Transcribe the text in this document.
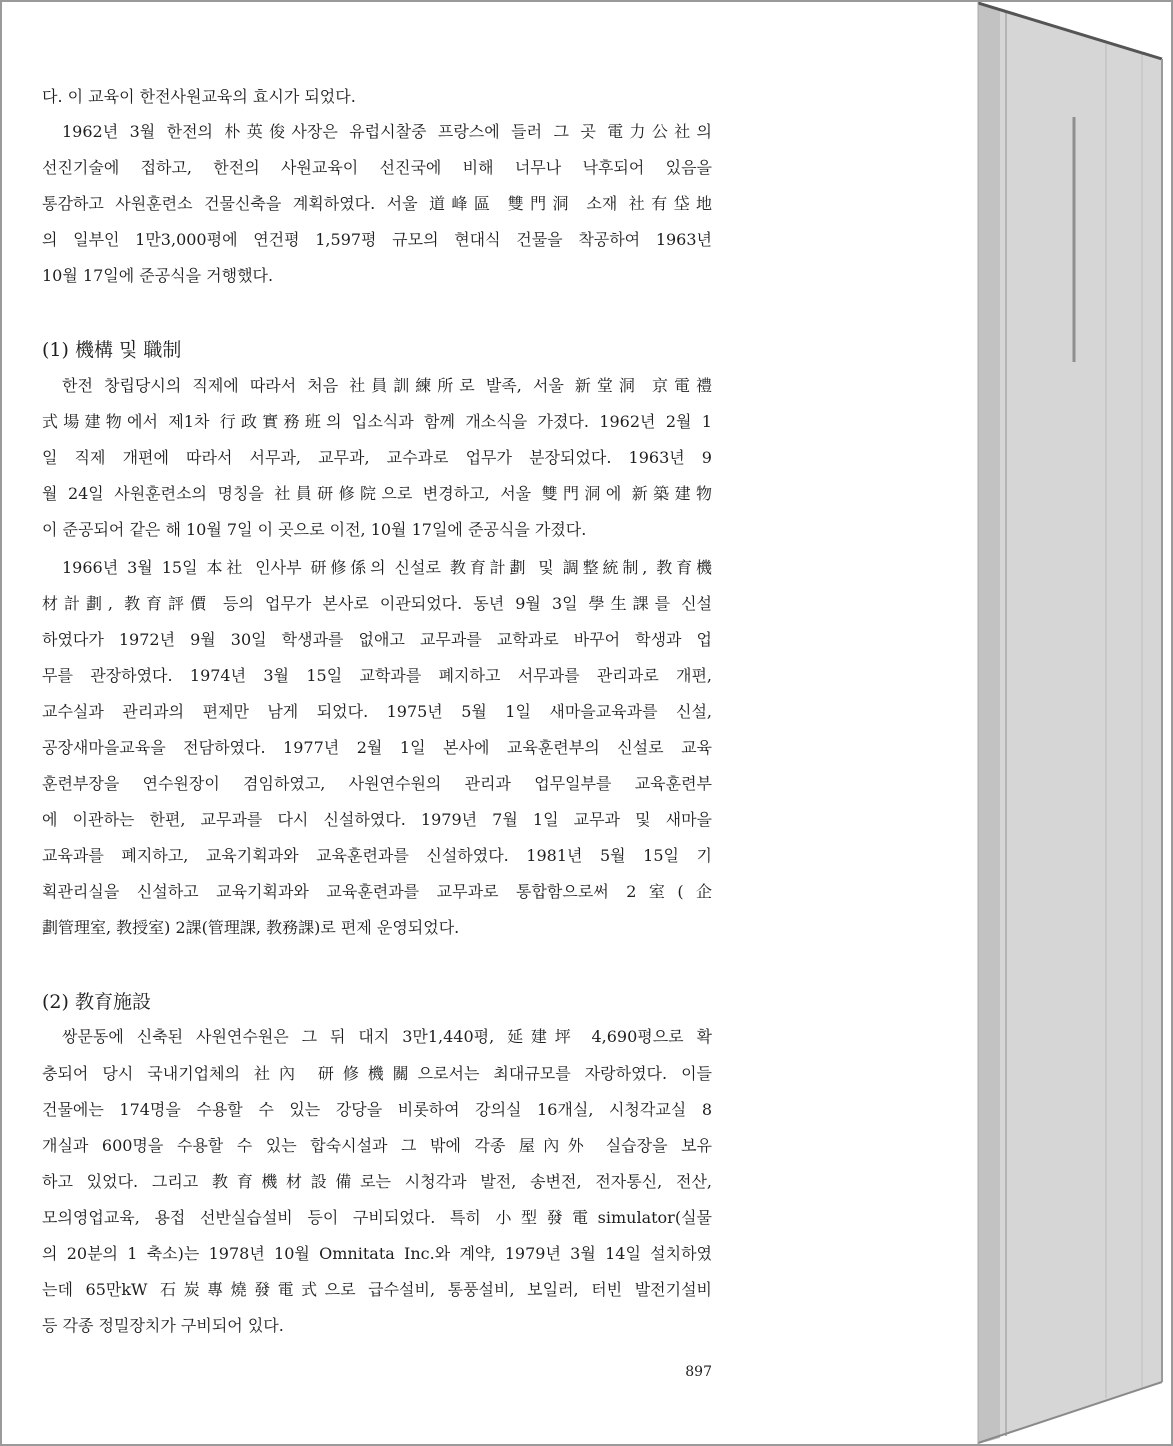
다. 이 교육이 한전사원교육의 효시가 되었다.
1962년 3월 한전의 朴英俊사장은 유럽시찰중 프랑스에 들러 그 곳 電力公社의
선진기술에 접하고, 한전의 사원교육이 선진국에 비해 너무나 낙후되어 있음을
통감하고 사원훈련소 건물신축을 계획하였다. 서울 道峰區 雙門洞 소재 社有垈地
의 일부인 1만3,000평에 연건평 1,597평 규모의 현대식 건물을 착공하여 1963년
10월 17일에 준공식을 거행했다.
(1) 機構 및 職制
한전 창립당시의 직제에 따라서 처음 社員訓練所로 발족, 서울 新堂洞 京電禮
式場建物에서 제1차 行政實務班의 입소식과 함께 개소식을 가졌다. 1962년 2월 1
일 직제 개편에 따라서 서무과, 교무과, 교수과로 업무가 분장되었다. 1963년 9
월 24일 사원훈련소의 명칭을 社員研修院으로 변경하고, 서울 雙門洞에 新築建物
이 준공되어 같은 해 10월 7일 이 곳으로 이전, 10월 17일에 준공식을 가졌다.
1966년 3월 15일 本社 인사부 研修係의 신설로 教育計劃 및 調整統制, 教育機
材計劃, 教育評價 등의 업무가 본사로 이관되었다. 동년 9월 3일 學生課를 신설
하였다가 1972년 9월 30일 학생과를 없애고 교무과를 교학과로 바꾸어 학생과 업
무를 관장하였다. 1974년 3월 15일 교학과를 폐지하고 서무과를 관리과로 개편,
교수실과 관리과의 편제만 남게 되었다. 1975년 5월 1일 새마을교육과를 신설,
공장새마을교육을 전담하였다. 1977년 2월 1일 본사에 교육훈련부의 신설로 교육
훈련부장을 연수원장이 겸임하였고, 사원연수원의 관리과 업무일부를 교육훈련부
에 이관하는 한편, 교무과를 다시 신설하였다. 1979년 7월 1일 교무과 및 새마을
교육과를 폐지하고, 교육기획과와 교육훈련과를 신설하였다. 1981년 5월 15일 기
획관리실을 신설하고 교육기획과와 교육훈련과를 교무과로 통합함으로써 2室(企
劃管理室, 教授室) 2課(管理課, 教務課)로 편제 운영되었다.
(2) 教育施設
쌍문동에 신축된 사원연수원은 그 뒤 대지 3만1,440평, 延建坪 4,690평으로 확
충되어 당시 국내기업체의 社內 研修機關으로서는 최대규모를 자랑하였다. 이들
건물에는 174명을 수용할 수 있는 강당을 비롯하여 강의실 16개실, 시청각교실 8
개실과 600명을 수용할 수 있는 합숙시설과 그 밖에 각종 屋內外 실습장을 보유
하고 있었다. 그리고 教育機材設備로는 시청각과 발전, 송변전, 전자통신, 전산,
모의영업교육, 용접 선반실습설비 등이 구비되었다. 특히 小型發電simulator(실물
의 20분의 1 축소)는 1978년 10월 Omnitata Inc.와 계약, 1979년 3월 14일 설치하였
는데 65만kW 石炭專燒發電式으로 급수설비, 통풍설비, 보일러, 터빈 발전기설비
등 각종 정밀장치가 구비되어 있다.
897
